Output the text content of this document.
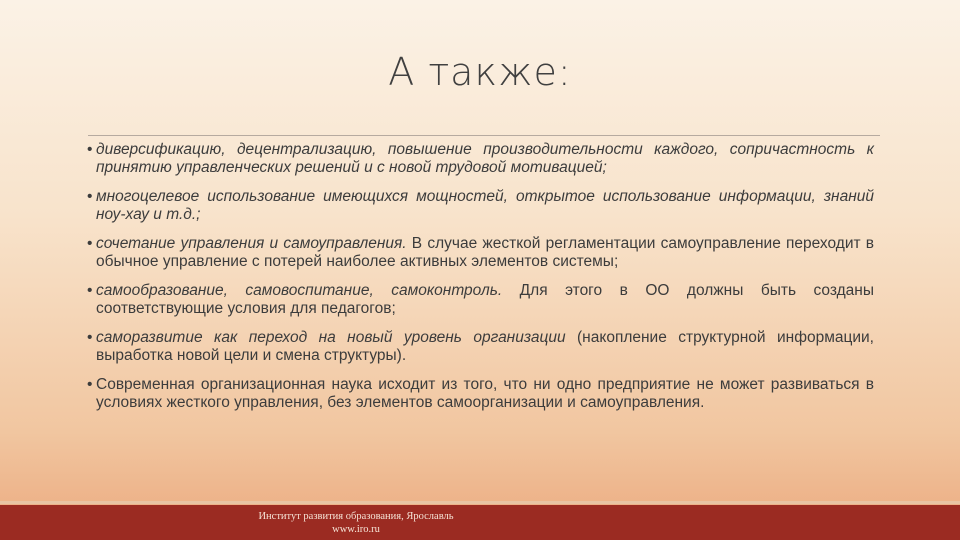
А также:
• диверсификацию, децентрализацию, повышение производительности каждого, сопричастность к принятию управленческих решений и с новой трудовой мотивацией;
• многоцелевое использование имеющихся мощностей, открытое использование информации, знаний ноу-хау и т.д.;
• сочетание управления и самоуправления. В случае жесткой регламентации самоуправление переходит в обычное управление с потерей наиболее активных элементов системы;
• самообразование, самовоспитание, самоконтроль. Для этого в ОО должны быть созданы соответствующие условия для педагогов;
• саморазвитие как переход на новый уровень организации (накопление структурной информации, выработка новой цели и смена структуры).
• Современная организационная наука исходит из того, что ни одно предприятие не может развиваться в условиях жесткого управления, без элементов самоорганизации и самоуправления.
Институт развития образования, Ярославль
www.iro.ru
